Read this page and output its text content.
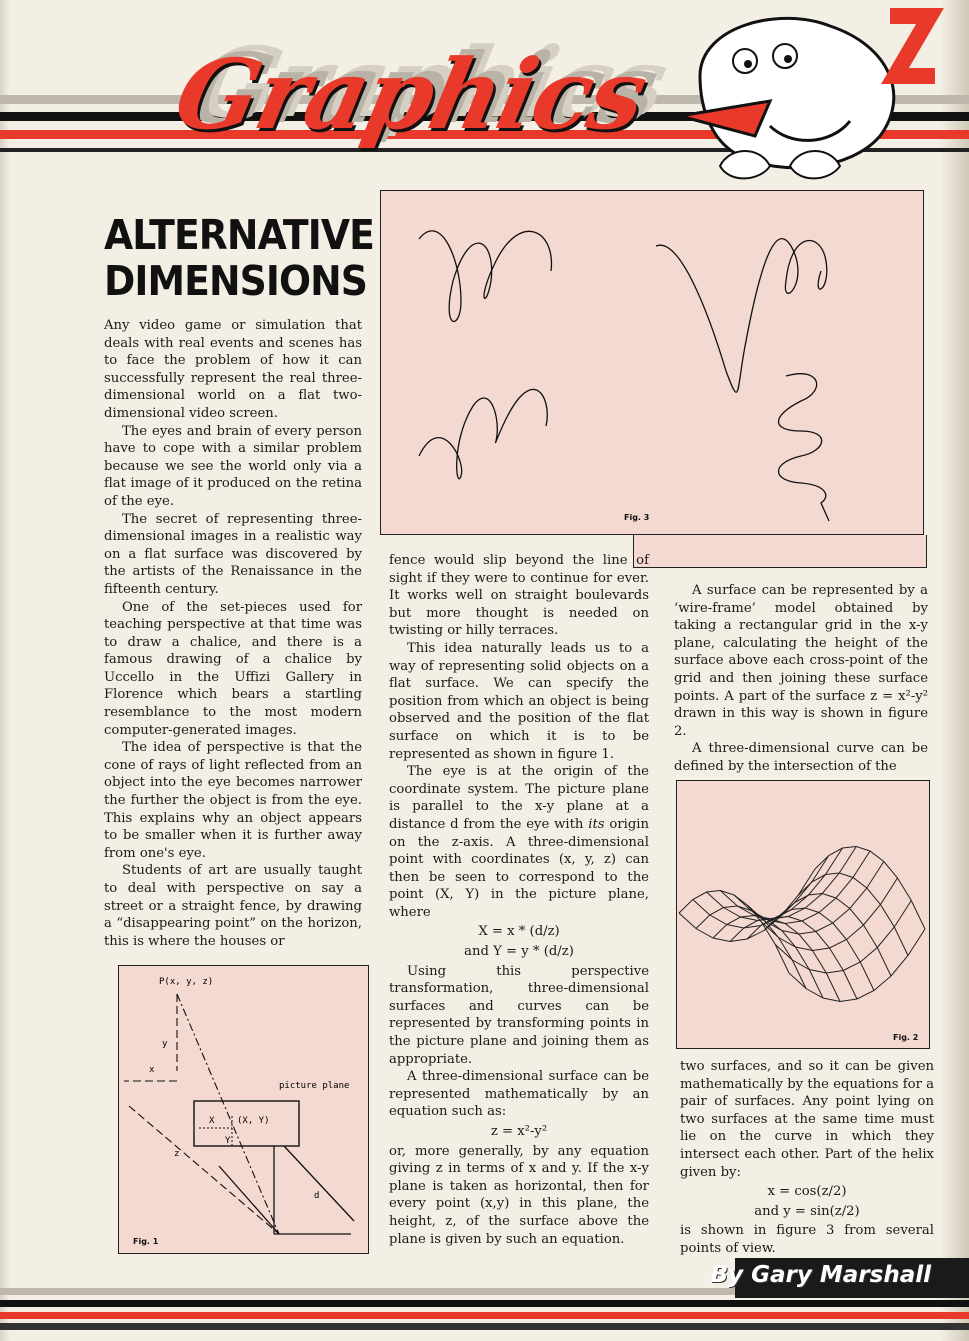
Graphics
ALTERNATIVE
DIMENSIONS

Any video game or simulation that deals with real events and scenes has to face the problem of how it can successfully represent the real three-dimensional world on a flat two-dimensional video screen.

The eyes and brain of every person have to cope with a similar problem because we see the world only via a flat image of it produced on the retina of the eye.

The secret of representing three-dimensional images in a realistic way on a flat surface was discovered by the artists of the Renaissance in the fifteenth century.

One of the set-pieces used for teaching perspective at that time was to draw a chalice, and there is a famous drawing of a chalice by Uccello in the Uffizi Gallery in Florence which bears a startling resemblance to the most modern computer-generated images.

The idea of perspective is that the cone of rays of light reflected from an object into the eye becomes narrower the further the object is from the eye. This explains why an object appears to be smaller when it is further away from one's eye.

Students of art are usually taught to deal with perspective on say a street or a straight fence, by drawing a “disappearing point” on the horizon, this is where the houses or

Fig. 3

fence would slip beyond the line of sight if they were to continue for ever. It works well on straight boulevards but more thought is needed on twisting or hilly terraces.

This idea naturally leads us to a way of representing solid objects on a flat surface. We can specify the position from which an object is being observed and the position of the flat surface on which it is to be represented as shown in figure 1.

The eye is at the origin of the coordinate system. The picture plane is parallel to the x-y plane at a distance d from the eye with its origin on the z-axis. A three-dimensional point with coordinates (x, y, z) can then be seen to correspond to the point (X, Y) in the picture plane, where

X = x * (d/z)
and Y = y * (d/z)

Using this perspective transformation, three-dimensional surfaces and curves can be represented by transforming points in the picture plane and joining them as appropriate.

A three-dimensional surface can be represented mathematically by an equation such as:

z = x²-y²

or, more generally, by any equation giving z in terms of x and y. If the x-y plane is taken as horizontal, then for every point (x,y) in this plane, the height, z, of the surface above the plane is given by such an equation.

A surface can be represented by a ‘wire-frame’ model obtained by taking a rectangular grid in the x-y plane, calculating the height of the surface above each cross-point of the grid and then joining these surface points. A part of the surface z = x²-y² drawn in this way is shown in figure 2.

A three-dimensional curve can be defined by the intersection of the

Fig. 2

two surfaces, and so it can be given mathematically by the equations for a pair of surfaces. Any point lying on two surfaces at the same time must lie on the curve in which they intersect each other. Part of the helix given by:

x = cos(z/2)
and y = sin(z/2)

is shown in figure 3 from several points of view.

P(x, y, z)
picture plane
(X, Y)
x
y
X
Y
z
d
Fig. 1
By Gary Marshall
